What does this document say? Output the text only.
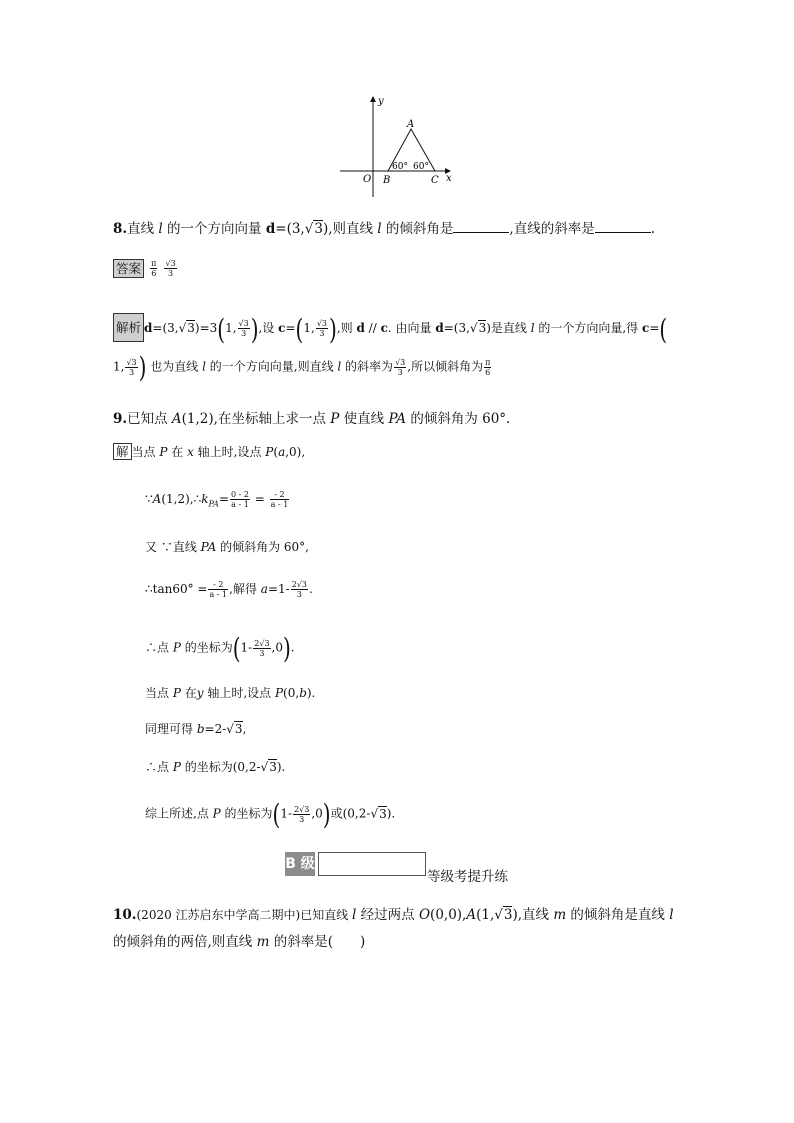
y
x
O
A
B	C
60° 60°
8.直线 l 的一个方向向量 d=(3,√3),则直线 l 的倾斜角是	,直线的斜率是	.
答案 $\frac{\pi}{6}$
$\frac{√3}{3}$
解析 d=(3,√3)=3(1, $\frac{√3}{3}$ ),设 c=(1, $\frac{√3}{3}$ ),则 d // c. 由向量 d=(3,√3)是直线 l 的一个方向向量,得 c=(
1, $\frac{√3}{3}$ ) 也为直线 l 的一个方向向量,则直线 l 的斜率为 $\frac{√3}{3}$ ,所以倾斜角为 $\frac{\pi}{6}$
9.已知点 A(1,2),在坐标轴上求一点 P 使直线 PA 的倾斜角为 60°.
解 当点 P 在 x 轴上时,设点 P(a,0),
$\because A(1,2),\therefore k_{PA}= \frac{0 - 2}{a - 1} = \frac{- 2}{a - 1}$
又 ∵直线 PA 的倾斜角为 60°,
∴tan60° = $\frac{- 2}{a - 1}$ ,解得 $a=1- \frac{2√3}{3}$ .
∴点 P 的坐标为$(1- \frac{2√3}{3} ,0)$.
当点 P 在y 轴上时,设点 P(0,b).
同理可得 b=2-√3,
∴点 P 的坐标为(0,2-√3).
综上所述,点 P 的坐标为$(1- \frac{2√3}{3} ,0)$或(0,2-√3).
B 级
等级考提升练
10.(2020 江苏启东中学高二期中)已知直线 l 经过两点 O(0,0),A(1,√3),直线 m 的倾斜角是直线 l
的倾斜角的两倍,则直线 m 的斜率是(　　)
